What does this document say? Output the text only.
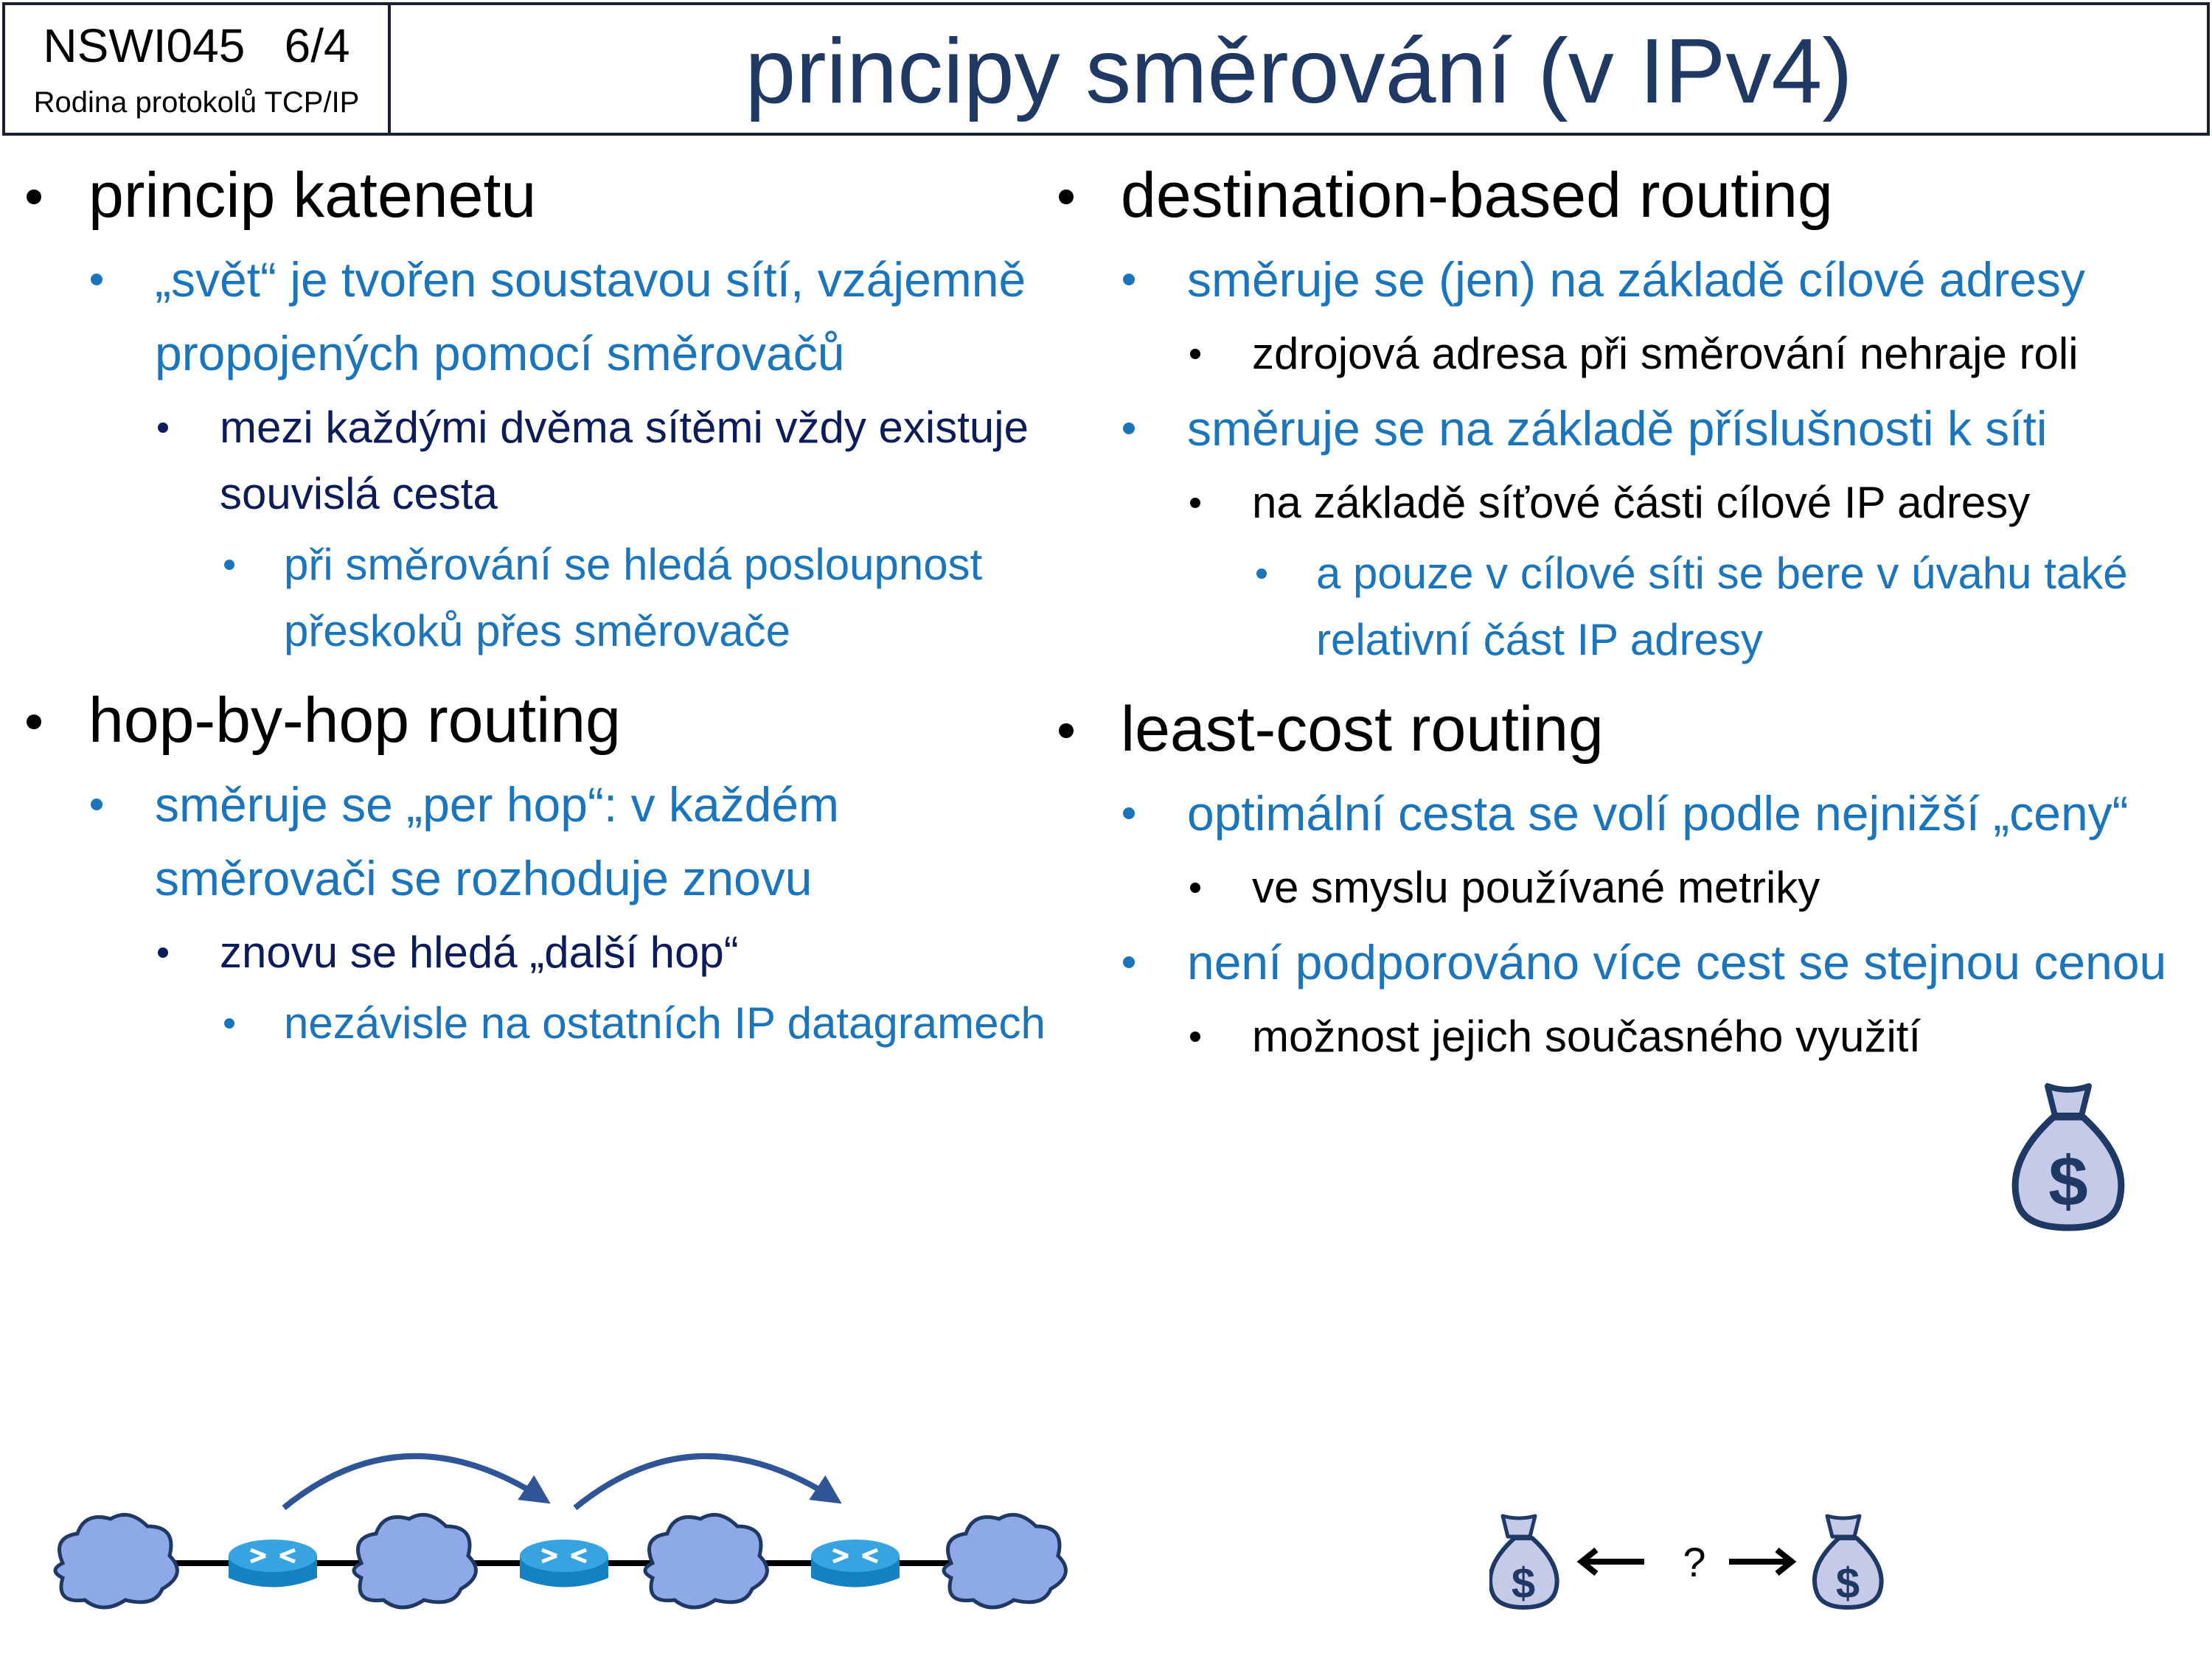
NSWI045   6/4
Rodina protokolů TCP/IP	principy směrování (v IPv4)
princip katenetu
„svět“ je tvořen soustavou sítí, vzájemně propojených pomocí směrovačů
mezi každými dvěma sítěmi vždy existuje souvislá cesta
při směrování se hledá posloupnost přeskoků přes směrovače
hop-by-hop routing
směruje se „per hop“: v každém směrovači se rozhoduje znovu
znovu se hledá „další hop“
nezávisle na ostatních IP datagramech
destination-based routing
směruje se (jen) na základě cílové adresy
zdrojová adresa při směrování nehraje roli
směruje se na základě příslušnosti k síti
na základě síťové části cílové IP adresy
a pouze v cílové síti se bere v úvahu také relativní část IP adresy
least-cost routing
optimální cesta se volí podle nejnižší „ceny“
ve smyslu používané metriky
není podporováno více cest se stejnou cenou
možnost jejich současného využití
$
$	?	$
